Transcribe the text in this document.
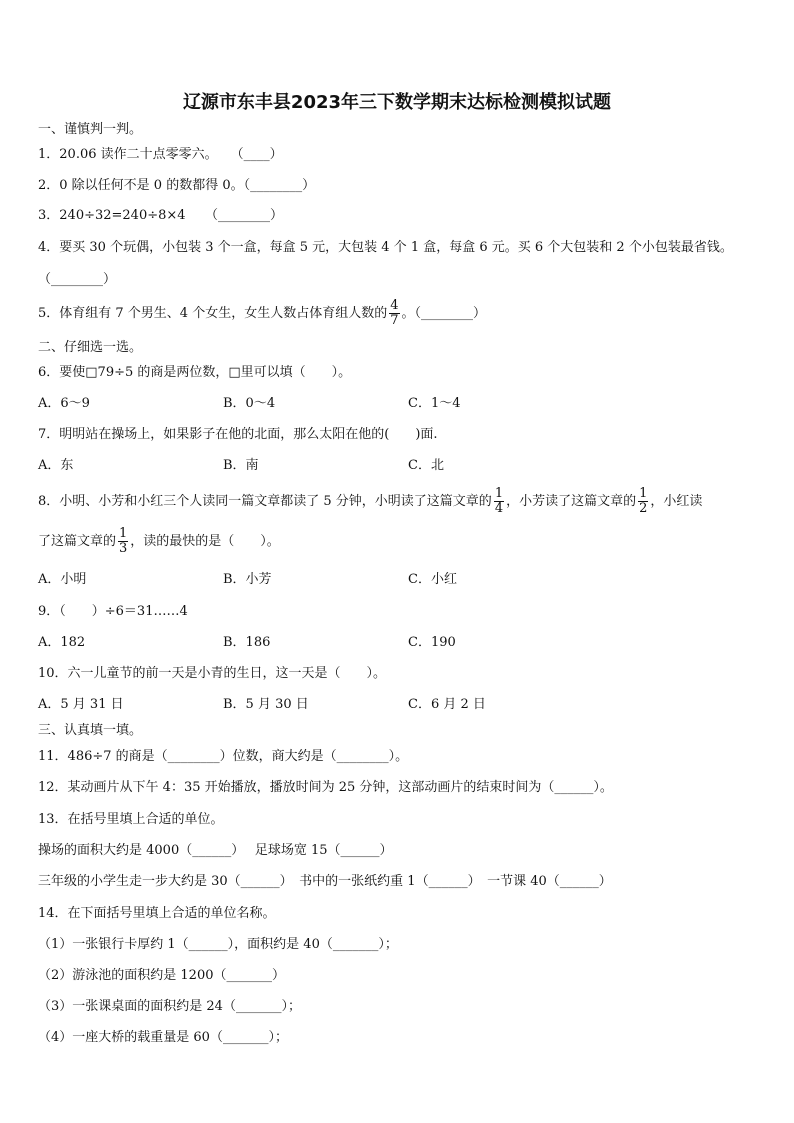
辽源市东丰县2023年三下数学期末达标检测模拟试题
一、谨慎判一判。
1．20.06 读作二十点零零六。　　（____）
2．0 除以任何不是 0 的数都得 0。（________）
3．240÷32=240÷8×4　　（________）
4．要买 30 个玩偶，小包装 3 个一盒，每盒 5 元，大包装 4 个 1 盒，每盒 6 元。买 6 个大包装和 2 个小包装最省钱。
（________）
5．体育组有 7 个男生、4 个女生，女生人数占体育组人数的 $\frac{4}{7}$ 。（________）
二、仔细选一选。
6．要使□79÷5 的商是两位数，□里可以填（　　）。
A．6～9	B．0～4	C．1～4
7．明明站在操场上，如果影子在他的北面，那么太阳在他的(　　)面.
A．东	B．南	C．北
8．小明、小芳和小红三个人读同一篇文章都读了 5 分钟，小明读了这篇文章的 $\frac{1}{4}$ ，小芳读了这篇文章的 $\frac{1}{2}$ ，小红读
了这篇文章的 $\frac{1}{3}$ ，读的最快的是（　　）。
A．小明	B．小芳	C．小红
9．（　　）÷6＝31……4
A．182	B．186	C．190
10．六一儿童节的前一天是小青的生日，这一天是（　　）。
A．5 月 31 日	B．5 月 30 日	C．6 月 2 日
三、认真填一填。
11．486÷7 的商是（________）位数，商大约是（________）。
12．某动画片从下午 4：35 开始播放，播放时间为 25 分钟，这部动画片的结束时间为（______）。
13．在括号里填上合适的单位。
操场的面积大约是 4000（______）　 足球场宽 15（______）
三年级的小学生走一步大约是 30（______）　书中的一张纸约重 1（______）　一节课 40（______）
14．在下面括号里填上合适的单位名称。
（1）一张银行卡厚约 1（______），面积约是 40（_______）；
（2）游泳池的面积约是 1200（_______）
（3）一张课桌面的面积约是 24（_______）；
（4）一座大桥的载重量是 60（_______）；
